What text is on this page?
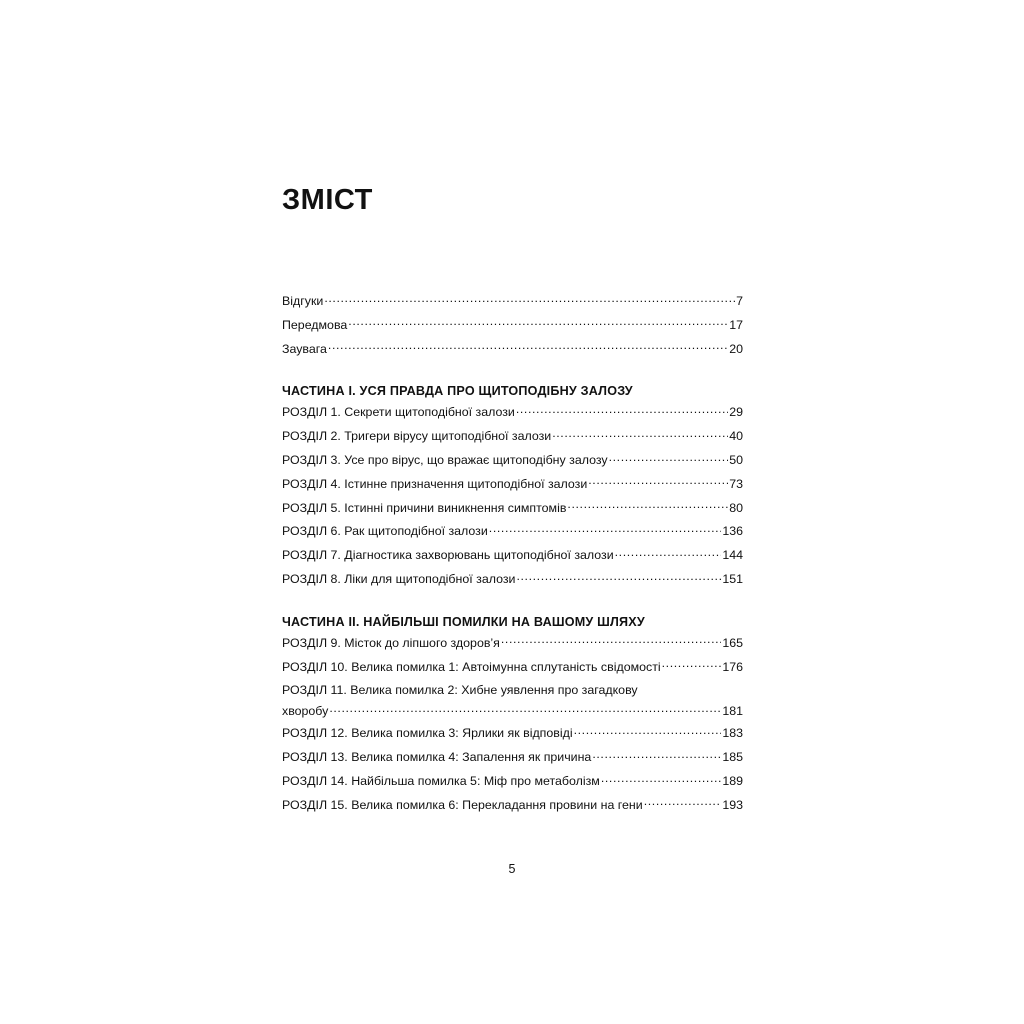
ЗМІСТ
Відгуки .....	7
Передмова .....	17
Заувага .....	20
ЧАСТИНА I. УСЯ ПРАВДА ПРО ЩИТОПОДІБНУ ЗАЛОЗУ
РОЗДІЛ 1. Секрети щитоподібної залози .....	29
РОЗДІЛ 2. Тригери вірусу щитоподібної залози .....	40
РОЗДІЛ 3. Усе про вірус, що вражає щитоподібну залозу .....	50
РОЗДІЛ 4. Істинне призначення щитоподібної залози .....	73
РОЗДІЛ 5. Істинні причини виникнення симптомів .....	80
РОЗДІЛ 6. Рак щитоподібної залози .....	136
РОЗДІЛ 7. Діагностика захворювань щитоподібної залози .....	144
РОЗДІЛ 8. Ліки для щитоподібної залози .....	151
ЧАСТИНА II. НАЙБІЛЬШІ ПОМИЛКИ НА ВАШОМУ ШЛЯХУ
РОЗДІЛ 9. Місток до ліпшого здоров’я .....	165
РОЗДІЛ 10. Велика помилка 1: Автоімунна сплутаність свідомості .....	176
РОЗДІЛ 11. Велика помилка 2: Хибне уявлення про загадкову
хворобу .....	181
РОЗДІЛ 12. Велика помилка 3: Ярлики як відповіді .....	183
РОЗДІЛ 13. Велика помилка 4: Запалення як причина .....	185
РОЗДІЛ 14. Найбільша помилка 5: Міф про метаболізм .....	189
РОЗДІЛ 15. Велика помилка 6: Перекладання провини на гени .....	193
5
